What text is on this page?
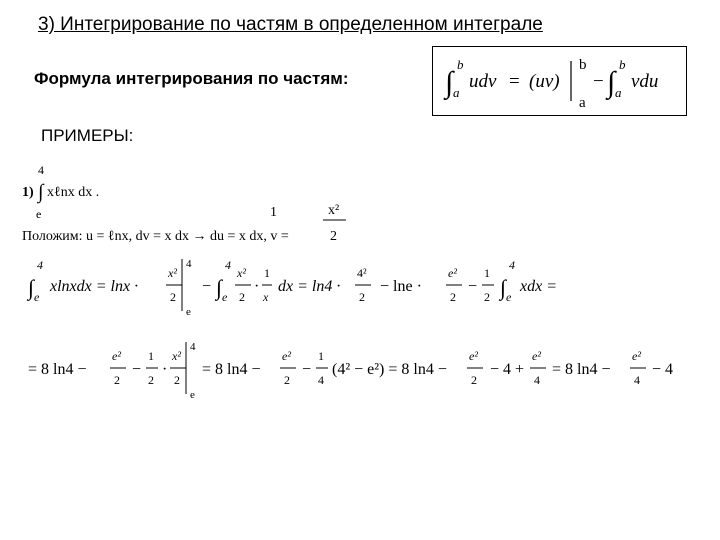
3) Интегрирование по частям в определенном интеграле
Формула интегрирования по частям:	∫
b
a
udv = (uv)
b
a
− ∫
b
a
vdu
ПРИМЕРЫ:
4
1) ∫ xℓnx dx .
e	1	x²
Положим: u = ℓnx, dv = x dx → du = x dx, v =	2
∫
4
e
xlnxdx = lnx ·
x²
2
4
e
− ∫
4
e
x²
2
·
1
x
dx = ln4 ·
4²
2
− lne ·
e²
2
−
1
2 ∫
4
e
xdx =
= 8 ln4 −
e²
2
−
1
2
·
x²
2
4
e
= 8 ln4 −
e²
2
−
1
4
(4² − e²) = 8 ln4 −
e²
2
− 4 +
e²
4
= 8 ln4 −
e²
4
− 4
